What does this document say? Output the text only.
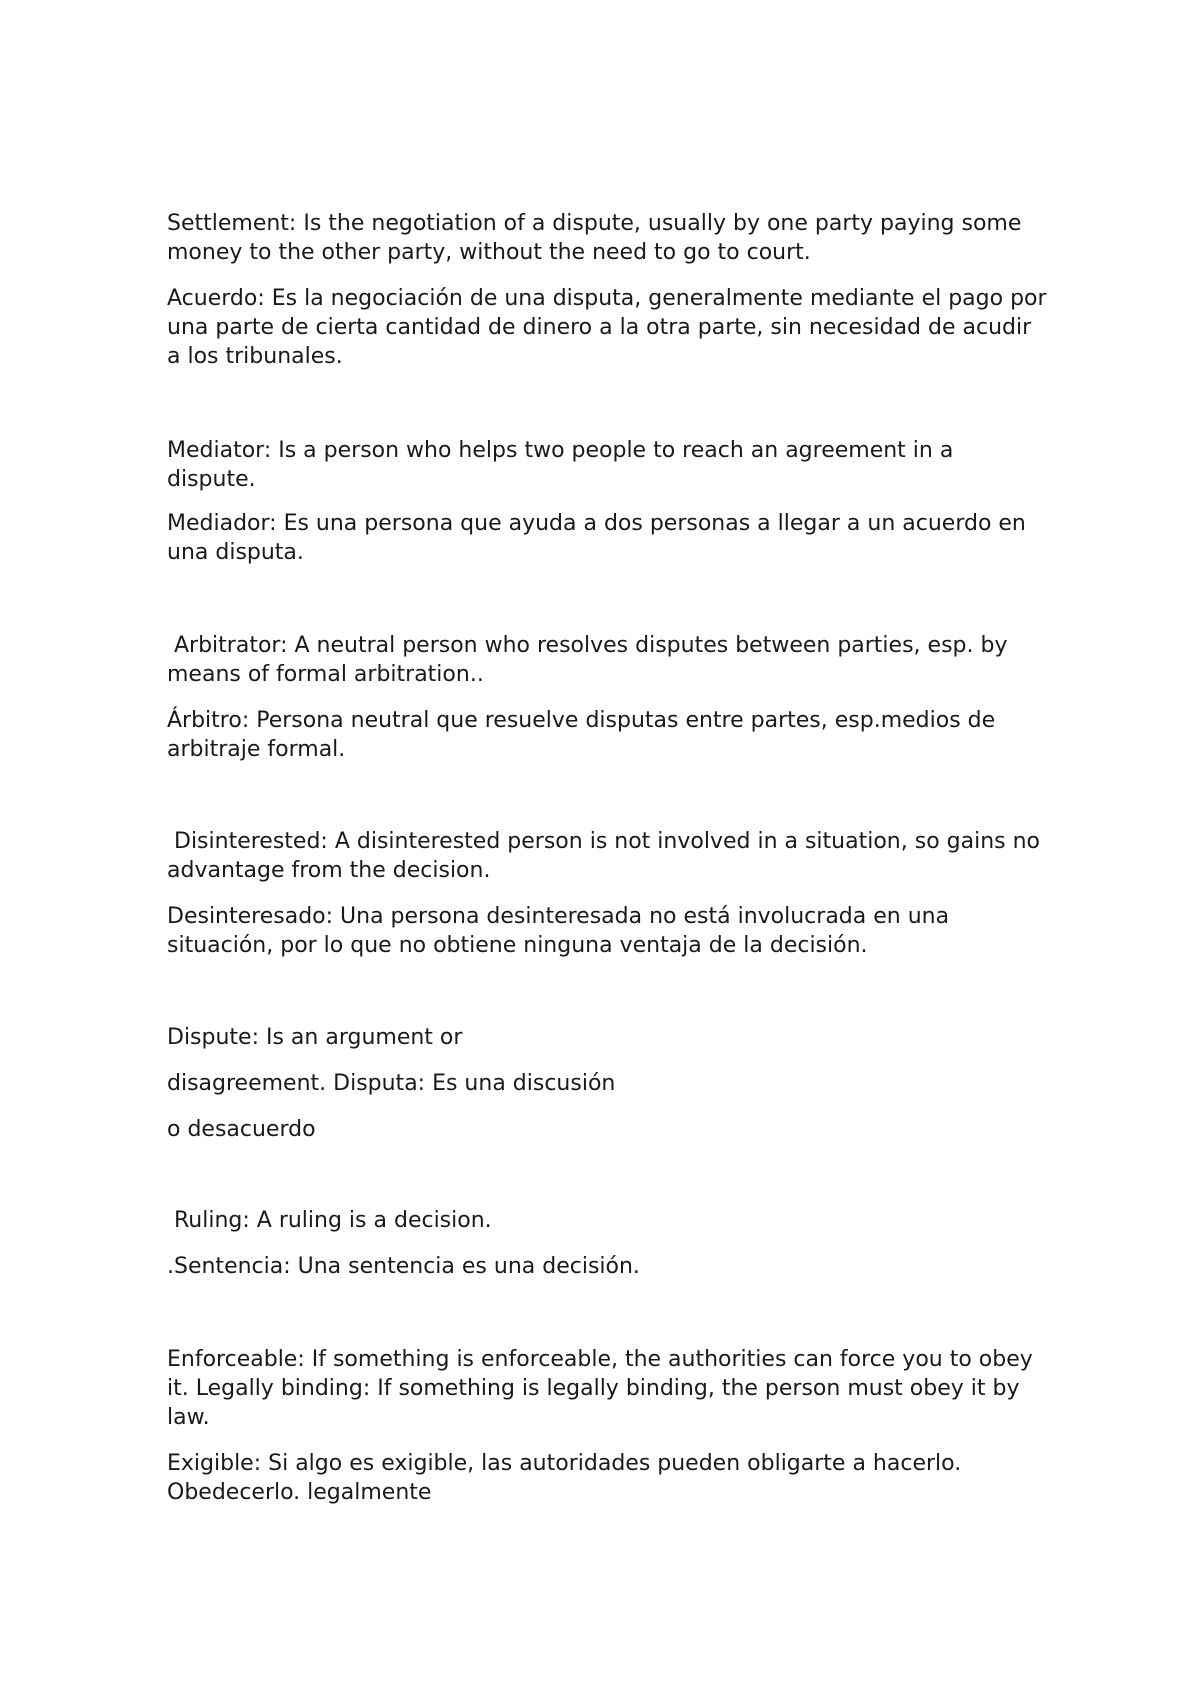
Settlement: Is the negotiation of a dispute, usually by one party paying some money to the other party, without the need to go to court.

Acuerdo: Es la negociación de una disputa, generalmente mediante el pago por una parte de cierta cantidad de dinero a la otra parte, sin necesidad de acudir a los tribunales.

Mediator: Is a person who helps two people to reach an agreement in a dispute.

Mediador: Es una persona que ayuda a dos personas a llegar a un acuerdo en una disputa.

Arbitrator: A neutral person who resolves disputes between parties, esp. by means of formal arbitration..

Árbitro: Persona neutral que resuelve disputas entre partes, esp.medios de arbitraje formal.

Disinterested: A disinterested person is not involved in a situation, so gains no advantage from the decision.

Desinteresado: Una persona desinteresada no está involucrada en una situación, por lo que no obtiene ninguna ventaja de la decisión.

Dispute: Is an argument or

disagreement. Disputa: Es una discusión

o desacuerdo

Ruling: A ruling is a decision.

.Sentencia: Una sentencia es una decisión.

Enforceable: If something is enforceable, the authorities can force you to obey it. Legally binding: If something is legally binding, the person must obey it by law.

Exigible: Si algo es exigible, las autoridades pueden obligarte a hacerlo. Obedecerlo. legalmente
